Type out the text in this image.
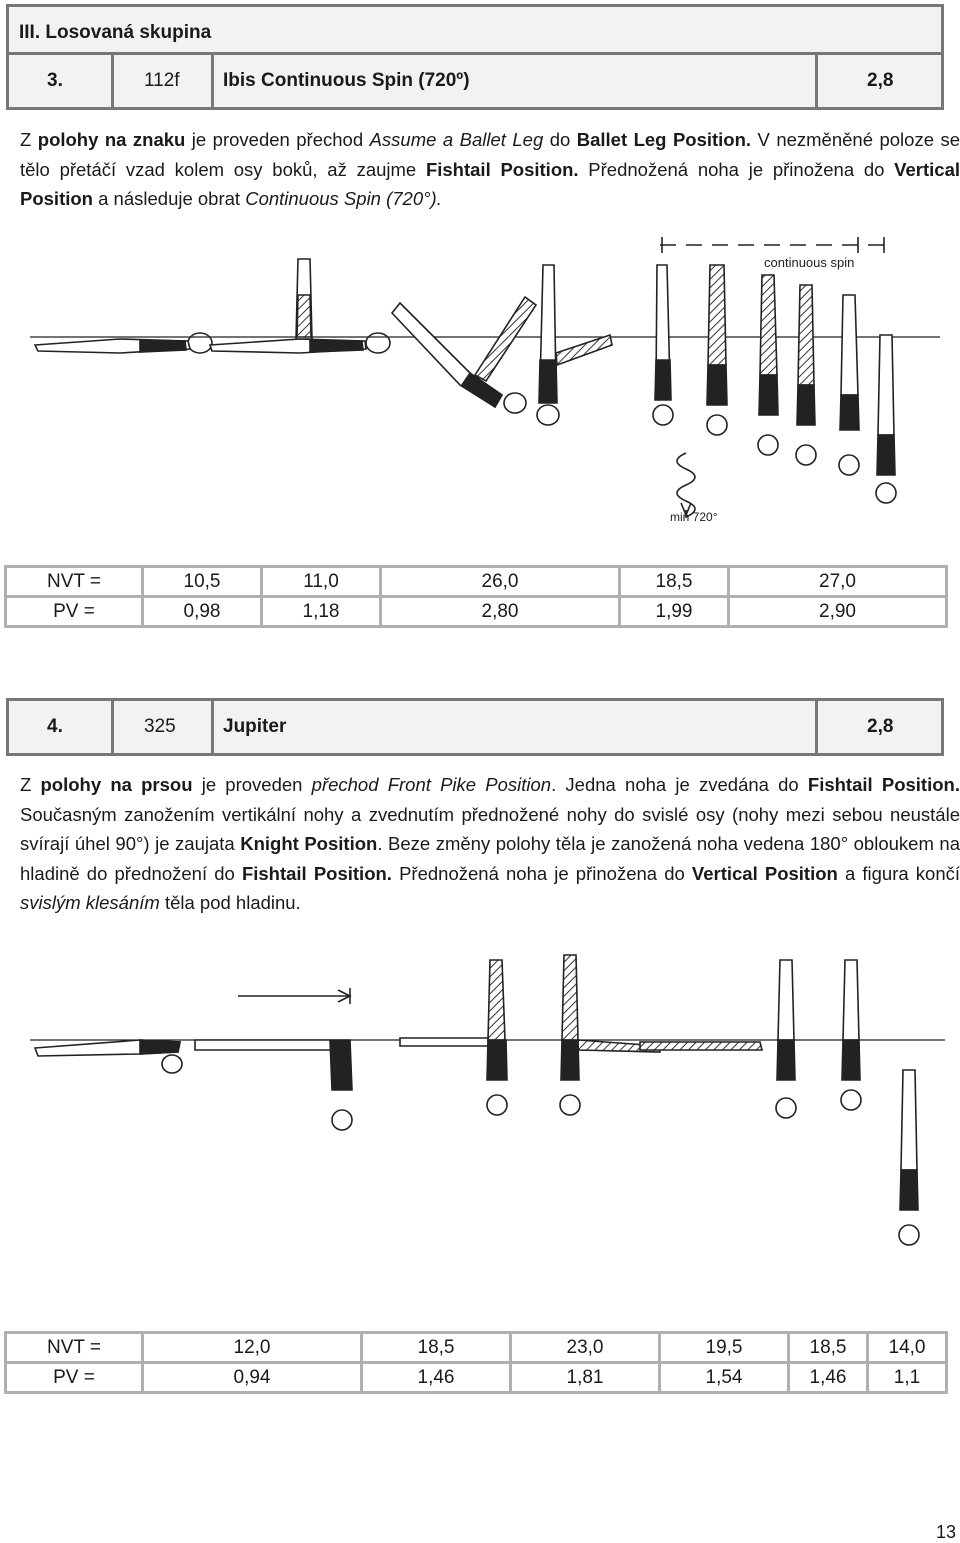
III. Losovaná skupina
3.	112f Ibis Continuous Spin (720º)	2,8
Z polohy na znaku je proveden přechod Assume a Ballet Leg do Ballet Leg Position. V nezměněné poloze se tělo přetáčí vzad kolem osy boků, až zaujme Fishtail Position. Přednožená noha je přinožena do Vertical Position a následuje obrat Continuous Spin (720°).
continuous spin
min 720°
NVT =	10,5	11,0	26,0	18,5	27,0
PV =	0,98	1,18	2,80	1,99	2,90
4.	325 Jupiter	2,8
Z polohy na prsou je proveden přechod Front Pike Position. Jedna noha je zvedána do Fishtail Position. Současným zanožením vertikální nohy a zvednutím přednožené nohy do svislé osy (nohy mezi sebou neustále svírají úhel 90°) je zaujata Knight Position. Beze změny polohy těla je zanožená noha vedena 180° obloukem na hladině do přednožení do Fishtail Position. Přednožená noha je přinožena do Vertical Position a figura končí svislým klesáním těla pod hladinu.
NVT =	12,0	18,5	23,0	19,5	18,5	14,0
PV =	0,94	1,46	1,81	1,54	1,46	1,1
13
